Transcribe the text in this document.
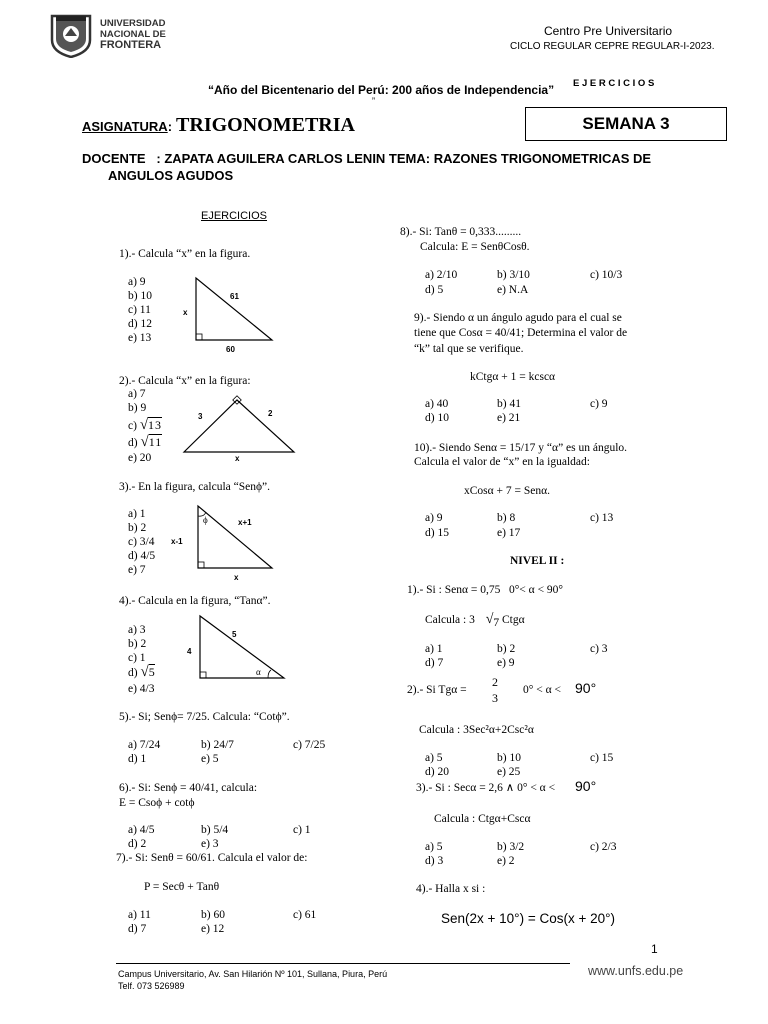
UNIVERSIDAD
NACIONAL DE
FRONTERA
Centro Pre Universitario
CICLO REGULAR CEPRE REGULAR-I-2023.
“Año del Bicentenario del Perú: 200 años de Independencia”
”
E J E R C I C I O S
ASIGNATURA: TRIGONOMETRIA	SEMANA 3
DOCENTE   : ZAPATA AGUILERA CARLOS LENIN TEMA: RAZONES TRIGONOMETRICAS DE
ANGULOS AGUDOS
EJERCICIOS
1).- Calcula “x” en la figura.
a) 9
b) 10
c) 11
d) 12
e) 13
61
x
60
2).- Calcula “x” en la figura:
a) 7
b) 9
c) √13
d) √11
e) 20
3	2
x
3).- En la figura, calcula “Senϕ”.
a) 1
b) 2
c) 3/4
d) 4/5
e) 7
ϕ	x+1
x-1
x
4).- Calcula en la figura, “Tanα”.
a) 3
b) 2
c) 1
d) √5
e) 4/3
5
4
α
5).- Si; Senϕ= 7/25. Calcula: “Cotϕ”.
a) 7/24	b) 24/7	c) 7/25
d) 1	e) 5
6).- Si: Senϕ = 40/41, calcula:
E = Csoϕ + cotϕ
a) 4/5	b) 5/4	c) 1
d) 2	e) 3
7).- Si: Senθ = 60/61. Calcula el valor de:
P = Secθ + Tanθ
a) 11	b) 60	c) 61
d) 7	e) 12
8).- Si: Tanθ = 0,333.........
Calcula: E = SenθCosθ.
a) 2/10	b) 3/10	c) 10/3
d) 5	e) N.A
9).- Siendo α un ángulo agudo para el cual se
tiene que Cosα = 40/41; Determina el valor de
“k” tal que se verifique.
kCtgα + 1 = kcscα
a) 40	b) 41	c) 9
d) 10	e) 21
10).- Siendo Senα = 15/17 y “α” es un ángulo.
Calcula el valor de “x” en la igualdad:
xCosα + 7 = Senα.
a) 9	b) 8	c) 13
d) 15	e) 17
NIVEL II :
1).- Si : Senα = 0,75   0°< α < 90°
Calcula : 3 √7 Ctgα
a) 1	b) 2	c) 3
d) 7	e) 9
2).- Si Tgα =
2
3
0° < α < 90°
Calcula : 3Sec²α+2Csc²α
a) 5	b) 10	c) 15
d) 20	e) 25
3).- Si : Secα = 2,6 ∧ 0° < α < 90°
Calcula : Ctgα+Cscα
a) 5	b) 3/2	c) 2/3
d) 3	e) 2
4).- Halla x si :
Sen(2x + 10°) = Cos(x + 20°)
1
Campus Universitario, Av. San Hilarión Nº 101, Sullana, Piura, Perú
Telf. 073 526989
www.unfs.edu.pe
